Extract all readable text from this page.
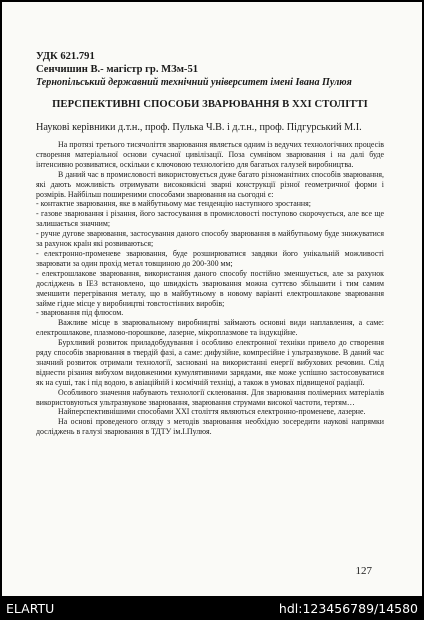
УДК 621.791

Сенчишин В.- магістр гр. МЗм-51

Тернопільський державний технічний університет імені Івана Пулюя

ПЕРСПЕКТИВНІ СПОСОБИ ЗВАРЮВАННЯ В ХХІ СТОЛІТТІ

Наукові керівники д.т.н., проф. Пулька Ч.В. і д.т.н., проф. Підгурський М.І.

На протязі третього тисячоліття зварювання являється одним із ведучих технологічних процесів створення матеріальної основи сучасної цивілізації. Поза сумнівом зварювання і на далі буде інтенсивно розвиватися, оскільки є ключовою технологією для багатьох галузей виробництва.

В даний час в промисловості використовується дуже багато різноманітних способів зварювання, які дають можливість отримувати високоякісні зварні конструкції різної геометричної форми і розмірів. Найбільш поширеними способами зварювання на сьогодні є:

- контактне зварювання, яке в майбутньому має тенденцію наступного зростання;

- газове зварювання і різання, його застосування в промисловості поступово скорочується, але все ще залишається значним;

- ручне дугове зварювання, застосування даного способу зварювання в майбутньому буде знижуватися за рахунок країн які розвиваються;

- електронно-променеве зварювання, буде розширюватися завдяки його унікальній можливості зварювати за один прохід метал товщиною до 200-300 мм;

- електрошлакове зварювання, використання даного способу постійно зменшується, але за рахунок досліджень в ІЕЗ встановлено, що швидкість зварювання можна суттєво збільшити і тим самим зменшити перегрівання металу, що в майбутньому в новому варіанті електрошлакове зварювання займе гідне місце у виробництві товстостінних виробів;

- зварювання під флюсом.

Важливе місце в зварювальному виробництві займають основні види наплавлення, а саме: електрошлакове, плазмово-порошкове, лазерне, мікроплазмове та індукційне.

Бурхливий розвиток приладобудування і особливо електронної техніки привело до створення ряду способів зварювання в твердій фазі, а саме: дифузійне, компресійне і ультразвукове. В даний час значний розвиток отримали технології, засновані на використанні енергії вибухових речовин. Слід віднести різання вибухом видовженими кумулятивними зарядами, яке може успішно застосовуватися як на суші, так і під водою, в авіаційній і космічній техніці, а також в умовах підвищеної радіації.

Особливого значення набувають технології склеювання. Для зварювання полімерних матеріалів використовуються ультразвукове зварювання, зварювання струмами високої частоти, тертям…

Найперспективнішими способами ХХІ століття являються електронно-променеве, лазерне.

На основі проведеного огляду з методів зварювання необхідно зосередити наукові напрямки досліджень в галузі зварювання в ТДТУ ім.І.Пулюя.

127
ELARTU	hdl:123456789/14580
